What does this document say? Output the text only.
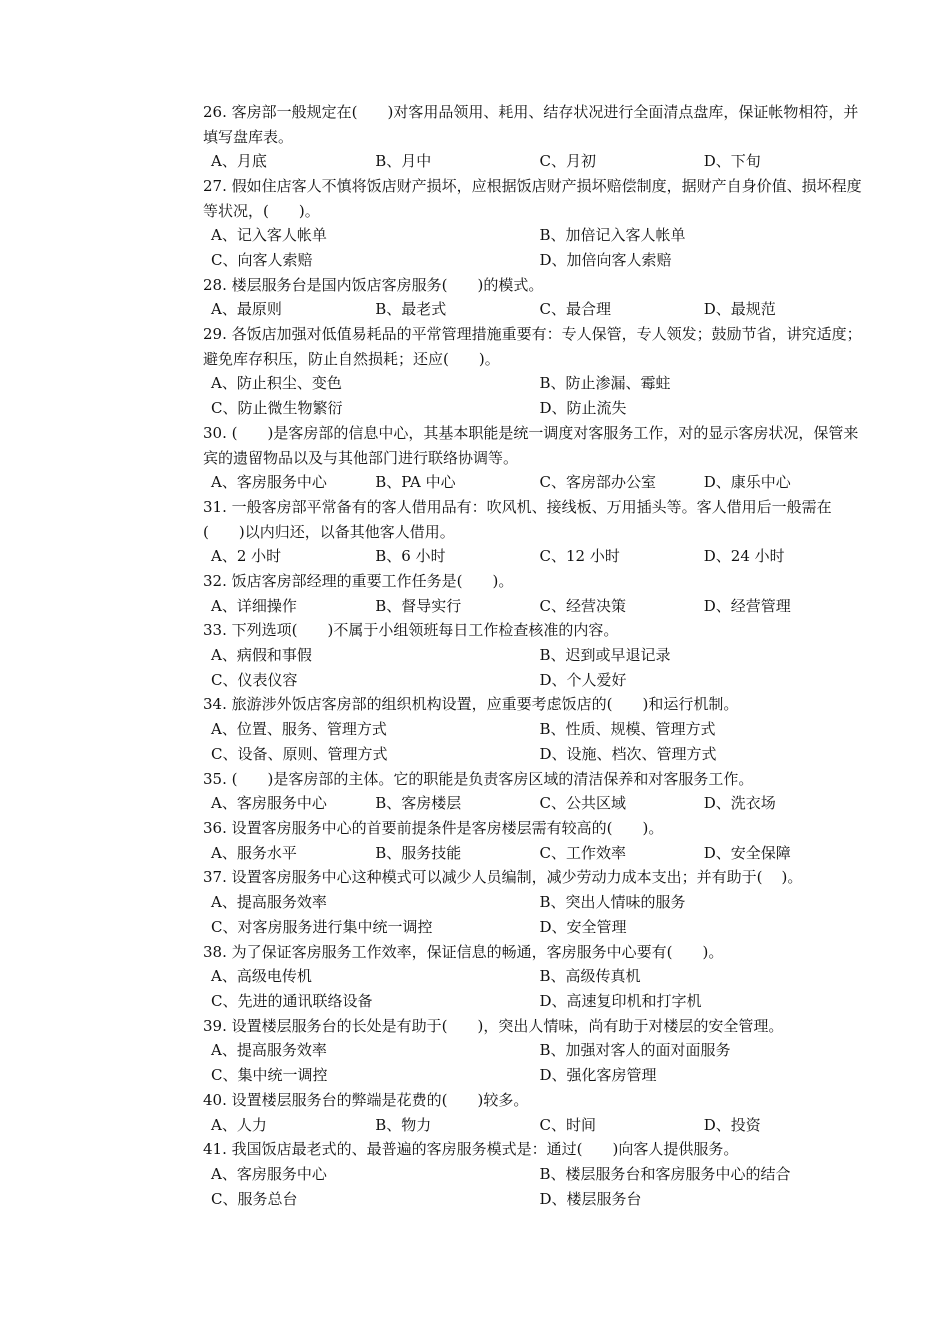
26. 客房部一般规定在(　　)对客用品领用、耗用、结存状况进行全面清点盘库，保证帐物相符，并填写盘库表。
A、月底	B、月中	C、月初	D、下旬
27. 假如住店客人不慎将饭店财产损坏，应根据饭店财产损坏赔偿制度，据财产自身价值、损坏程度等状况，(　　)。
A、记入客人帐单	B、加倍记入客人帐单
C、向客人索赔	D、加倍向客人索赔
28. 楼层服务台是国内饭店客房服务(　　)的模式。
A、最原则	B、最老式	C、最合理	D、最规范
29. 各饭店加强对低值易耗品的平常管理措施重要有：专人保管，专人领发；鼓励节省，讲究适度；避免库存积压，防止自然损耗；还应(　　)。
A、防止积尘、变色	B、防止渗漏、霉蛀
C、防止微生物繁衍	D、防止流失
30. (　　)是客房部的信息中心，其基本职能是统一调度对客服务工作，对的显示客房状况，保管来宾的遗留物品以及与其他部门进行联络协调等。
A、客房服务中心	B、PA 中心	C、客房部办公室	D、康乐中心
31. 一般客房部平常备有的客人借用品有：吹风机、接线板、万用插头等。客人借用后一般需在(　　)以内归还，以备其他客人借用。
A、2 小时	B、6 小时	C、12 小时	D、24 小时
32. 饭店客房部经理的重要工作任务是(　　)。
A、详细操作	B、督导实行	C、经营决策	D、经营管理
33. 下列选项(　　)不属于小组领班每日工作检查核准的内容。
A、病假和事假	B、迟到或早退记录
C、仪表仪容	D、个人爱好
34. 旅游涉外饭店客房部的组织机构设置，应重要考虑饭店的(　　)和运行机制。
A、位置、服务、管理方式	B、性质、规模、管理方式
C、设备、原则、管理方式	D、设施、档次、管理方式
35. (　　)是客房部的主体。它的职能是负责客房区域的清洁保养和对客服务工作。
A、客房服务中心	B、客房楼层	C、公共区域	D、洗衣场
36. 设置客房服务中心的首要前提条件是客房楼层需有较高的(　　)。
A、服务水平	B、服务技能	C、工作效率	D、安全保障
37. 设置客房服务中心这种模式可以减少人员编制，减少劳动力成本支出；并有助于(    )。
A、提高服务效率	B、突出人情味的服务
C、对客房服务进行集中统一调控	D、安全管理
38. 为了保证客房服务工作效率，保证信息的畅通，客房服务中心要有(　　)。
A、高级电传机	B、高级传真机
C、先进的通讯联络设备	D、高速复印机和打字机
39. 设置楼层服务台的长处是有助于(　　)，突出人情味，尚有助于对楼层的安全管理。
A、提高服务效率	B、加强对客人的面对面服务
C、集中统一调控	D、强化客房管理
40. 设置楼层服务台的弊端是花费的(　　)较多。
A、人力	B、物力	C、时间	D、投资
41. 我国饭店最老式的、最普遍的客房服务模式是：通过(　　)向客人提供服务。
A、客房服务中心	B、楼层服务台和客房服务中心的结合
C、服务总台	D、楼层服务台
